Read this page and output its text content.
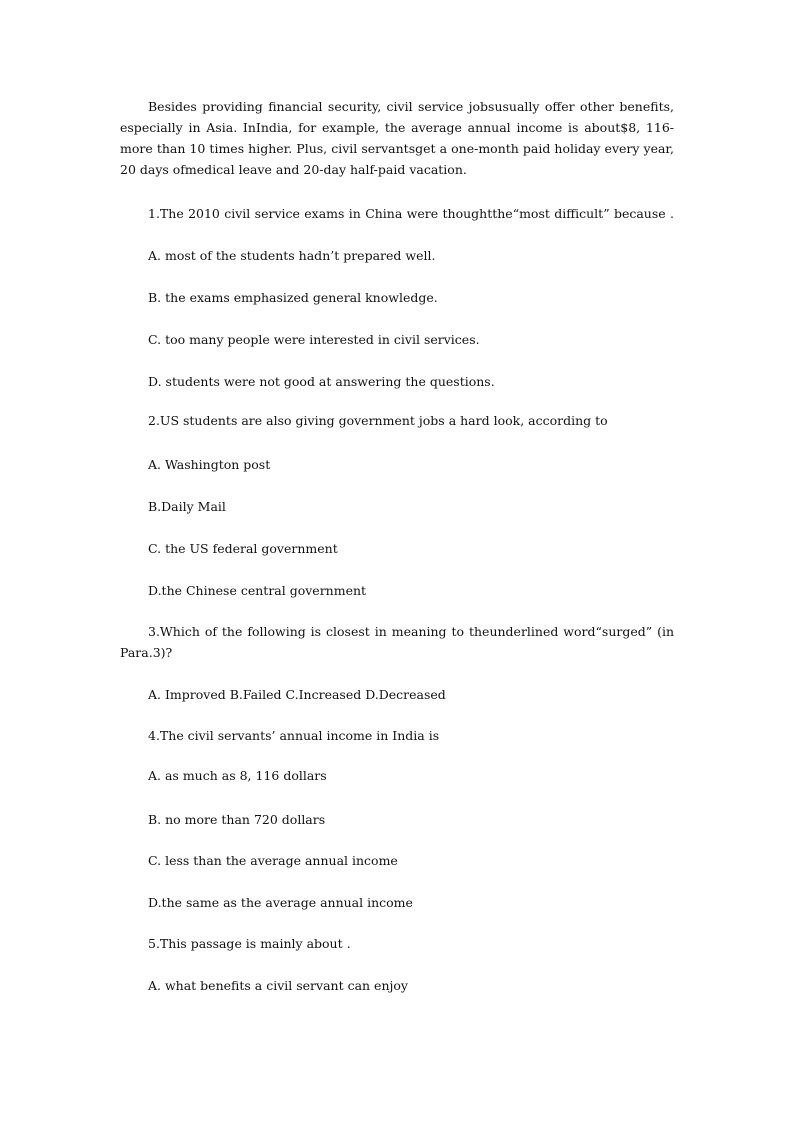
Besides providing financial security, civil service jobsusually offer other benefits, especially in Asia. InIndia, for example, the average annual income is about$8, 116-more than 10 times higher. Plus, civil servantsget a one-month paid holiday every year, 20 days ofmedical leave and 20-day half-paid vacation.

1.The 2010 civil service exams in China were thoughtthe“most difficult” because .

A. most of the students hadn’t prepared well.

B. the exams emphasized general knowledge.

C. too many people were interested in civil services.

D. students were not good at answering the questions.

2.US students are also giving government jobs a hard look, according to

A. Washington post

B.Daily Mail

C. the US federal government

D.the Chinese central government

3.Which of the following is closest in meaning to theunderlined word“surged” (in Para.3)?

A. Improved B.Failed C.Increased D.Decreased

4.The civil servants’ annual income in India is

A. as much as 8, 116 dollars

B. no more than 720 dollars

C. less than the average annual income

D.the same as the average annual income

5.This passage is mainly about .

A. what benefits a civil servant can enjoy
